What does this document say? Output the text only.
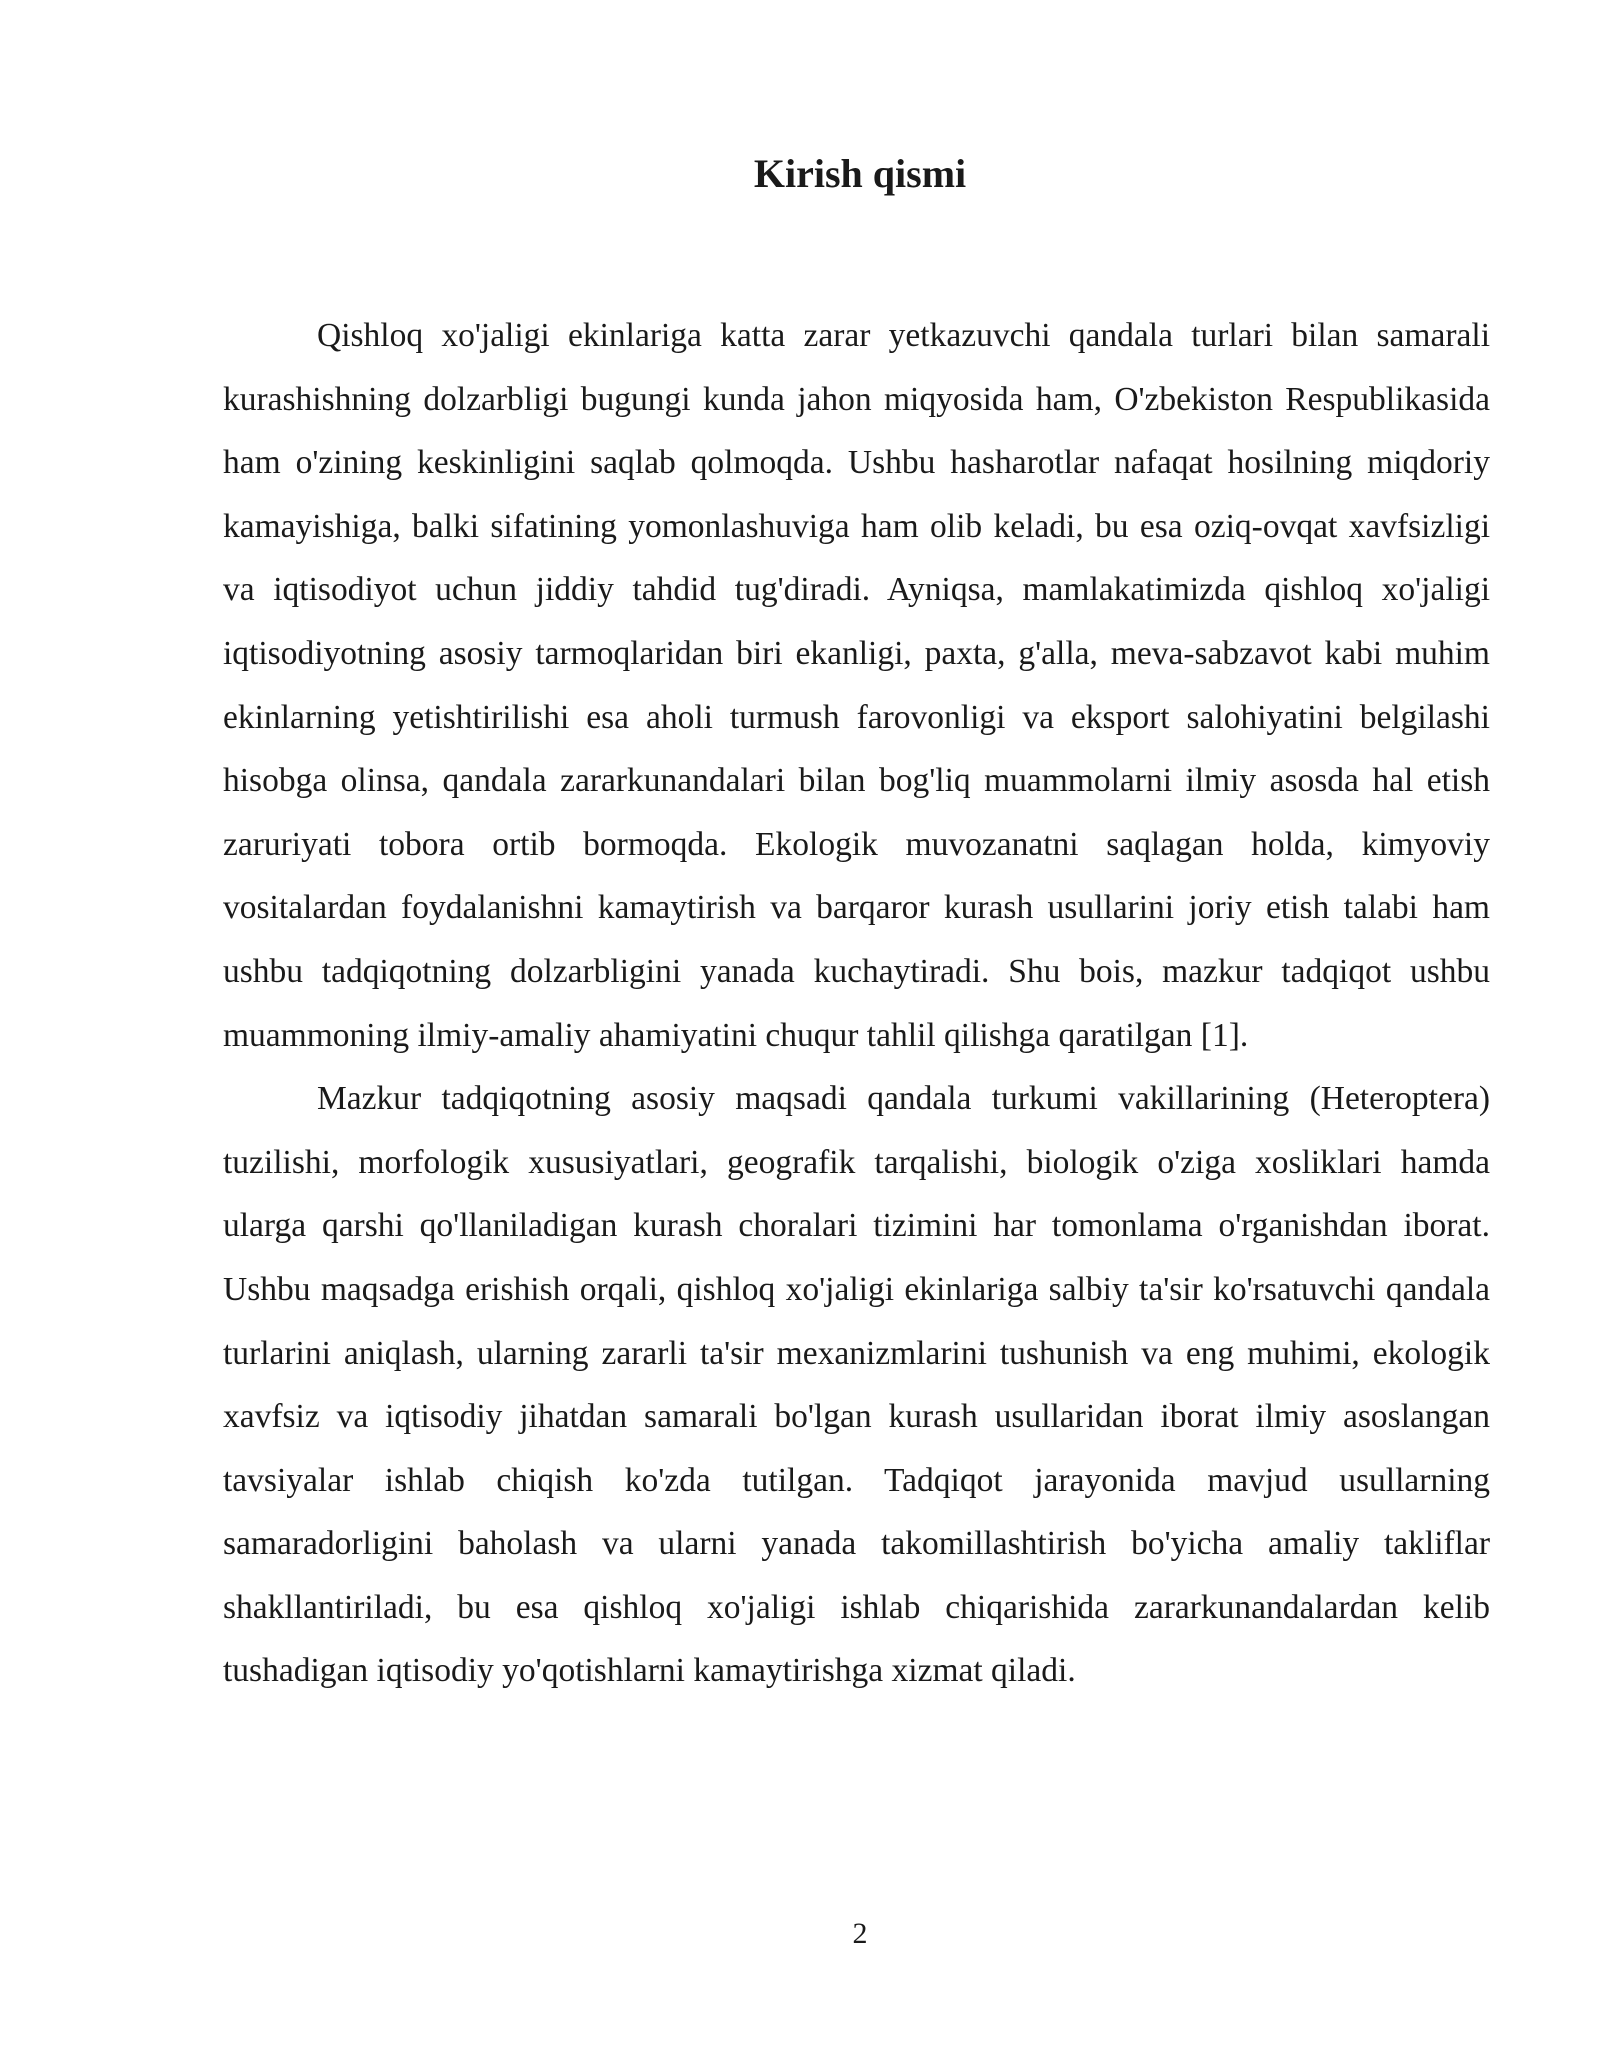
Kirish qismi

Qishloq xo'jaligi ekinlariga katta zarar yetkazuvchi qandala turlari bilan samarali kurashishning dolzarbligi bugungi kunda jahon miqyosida ham, O'zbekiston Respublikasida ham o'zining keskinligini saqlab qolmoqda. Ushbu hasharotlar nafaqat hosilning miqdoriy kamayishiga, balki sifatining yomonlashuviga ham olib keladi, bu esa oziq-ovqat xavfsizligi va iqtisodiyot uchun jiddiy tahdid tug'diradi. Ayniqsa, mamlakatimizda qishloq xo'jaligi iqtisodiyotning asosiy tarmoqlaridan biri ekanligi, paxta, g'alla, meva-sabzavot kabi muhim ekinlarning yetishtirilishi esa aholi turmush farovonligi va eksport salohiyatini belgilashi hisobga olinsa, qandala zararkunandalari bilan bog'liq muammolarni ilmiy asosda hal etish zaruriyati tobora ortib bormoqda. Ekologik muvozanatni saqlagan holda, kimyoviy vositalardan foydalanishni kamaytirish va barqaror kurash usullarini joriy etish talabi ham ushbu tadqiqotning dolzarbligini yanada kuchaytiradi. Shu bois, mazkur tadqiqot ushbu muammoning ilmiy-amaliy ahamiyatini chuqur tahlil qilishga qaratilgan [1].

Mazkur tadqiqotning asosiy maqsadi qandala turkumi vakillarining (Heteroptera) tuzilishi, morfologik xususiyatlari, geografik tarqalishi, biologik o'ziga xosliklari hamda ularga qarshi qo'llaniladigan kurash choralari tizimini har tomonlama o'rganishdan iborat. Ushbu maqsadga erishish orqali, qishloq xo'jaligi ekinlariga salbiy ta'sir ko'rsatuvchi qandala turlarini aniqlash, ularning zararli ta'sir mexanizmlarini tushunish va eng muhimi, ekologik xavfsiz va iqtisodiy jihatdan samarali bo'lgan kurash usullaridan iborat ilmiy asoslangan tavsiyalar ishlab chiqish ko'zda tutilgan. Tadqiqot jarayonida mavjud usullarning samaradorligini baholash va ularni yanada takomillashtirish bo'yicha amaliy takliflar shakllantiriladi, bu esa qishloq xo'jaligi ishlab chiqarishida zararkunandalardan kelib tushadigan iqtisodiy yo'qotishlarni kamaytirishga xizmat qiladi.

2
